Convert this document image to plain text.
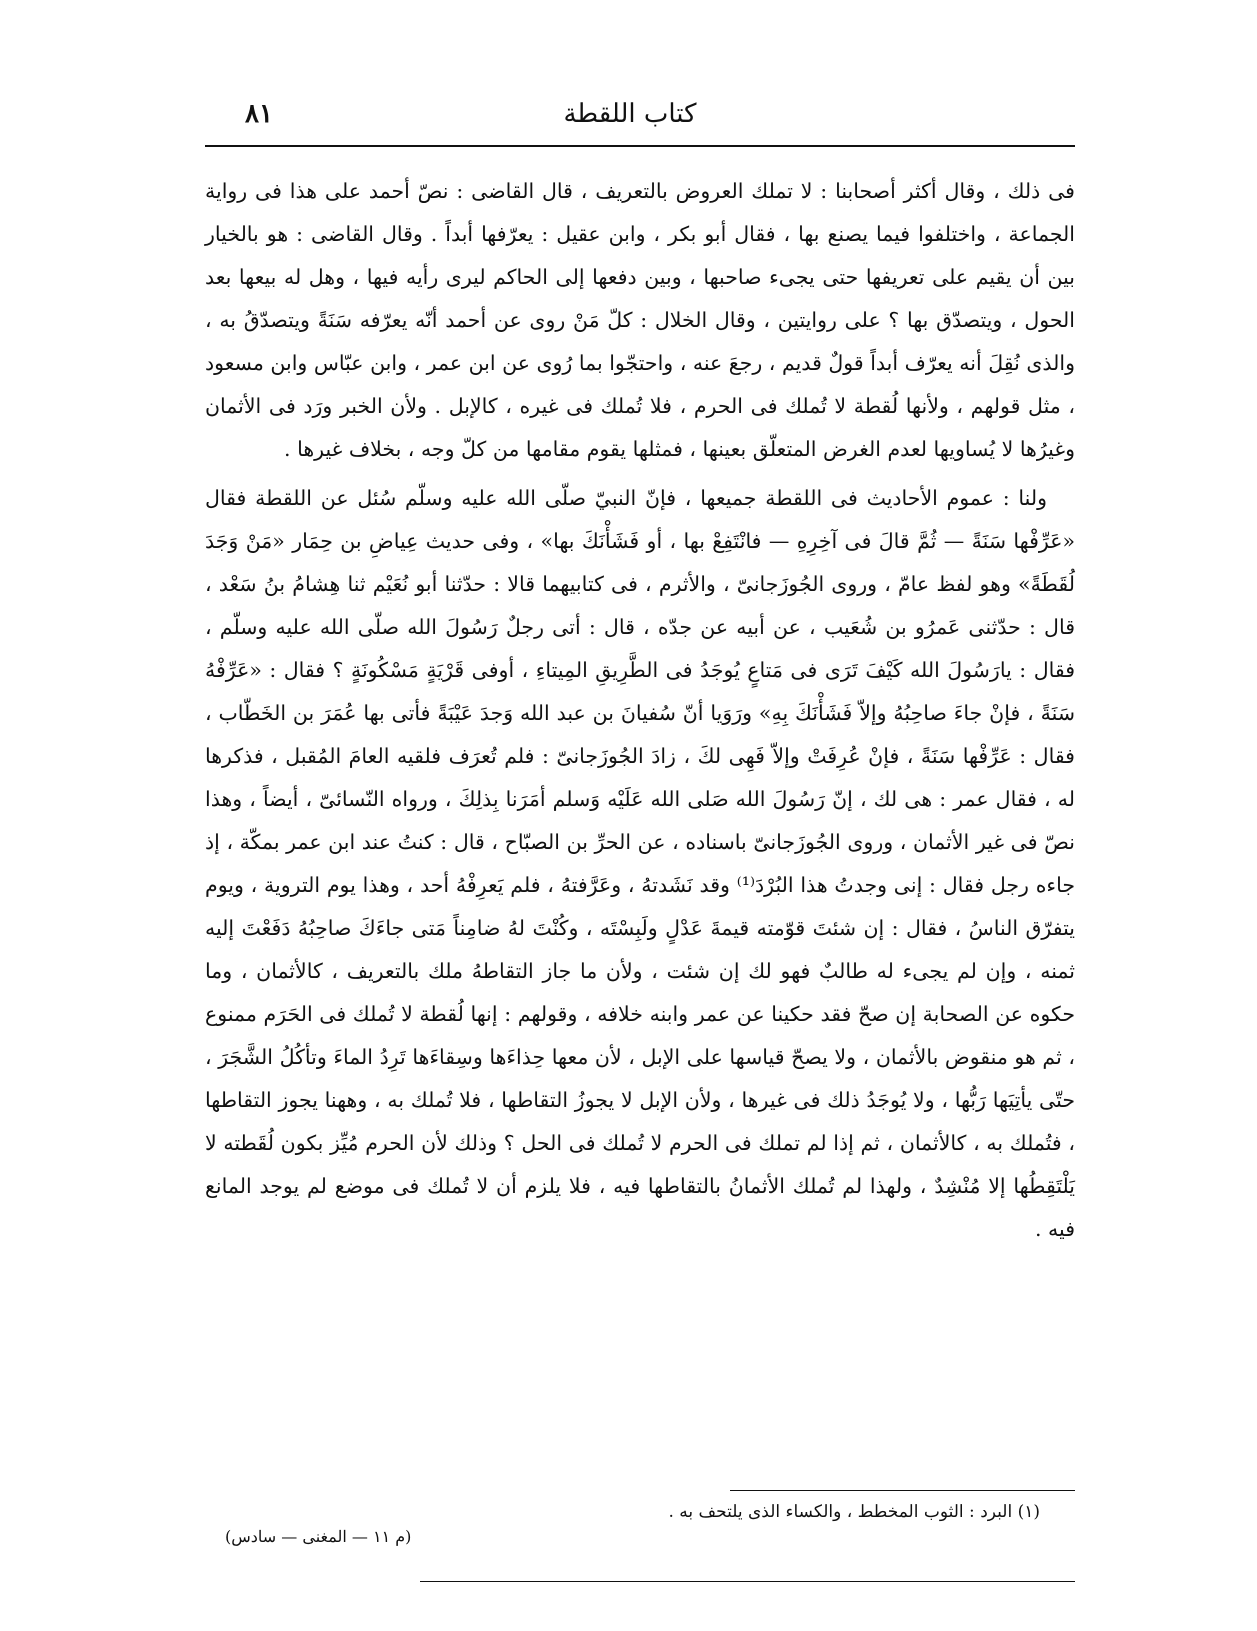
كتاب اللقطة
٨١

فى ذلك ، وقال أكثر أصحابنا : لا تملك العروض بالتعريف ، قال القاضى : نصّ أحمد على هذا فى رواية الجماعة ، واختلفوا فيما يصنع بها ، فقال أبو بكر ، وابن عقيل : يعرّفها أبداً . وقال القاضى : هو بالخيار بين أن يقيم على تعريفها حتى يجىء صاحبها ، وبين دفعها إلى الحاكم ليرى رأيه فيها ، وهل له بيعها بعد الحول ، ويتصدّق بها ؟ على روايتين ، وقال الخلال : كلّ مَنْ روى عن أحمد أنّه يعرّفه سَنَةً ويتصدّقُ به ، والذى نُقِلَ أنه يعرّف أبداً قولٌ قديم ، رجعَ عنه ، واحتجّوا بما رُوى عن ابن عمر ، وابن عبّاس وابن مسعود ، مثل قولهم ، ولأنها لُقطة لا تُملك فى الحرم ، فلا تُملك فى غيره ، كالإبل . ولأن الخبر ورَد فى الأثمان وغيرُها لا يُساويها لعدم الغرض المتعلّق بعينها ، فمثلها يقوم مقامها من كلّ وجه ، بخلاف غيرها .

ولنا : عموم الأحاديث فى اللقطة جميعها ، فإنّ النبيّ صلّى الله عليه وسلّم سُئل عن اللقطة فقال «عَرِّفْها سَنَةً — ثُمَّ قالَ فى آخِرِهِ — فانْتَفِعْ بها ، أو فَشَأْنَكَ بها» ، وفى حديث عِياضِ بن حِمَار «مَنْ وَجَدَ لُقَطَةً» وهو لفظ عامّ ، وروى الجُوزَجانىّ ، والأثرم ، فى كتابيهما قالا : حدّثنا أبو نُعَيْم ثنا هِشامُ بنُ سَعْد ، قال : حدّثنى عَمرُو بن شُعَيب ، عن أبيه عن جدّه ، قال : أتى رجلٌ رَسُولَ الله صلّى الله عليه وسلّم ، فقال : يارَسُولَ الله كَيْفَ تَرَى فى مَتاعٍ يُوجَدُ فى الطَّرِيقِ المِيتاءِ ، أوفى قَرْيَةٍ مَسْكُونَةٍ ؟ فقال : «عَرِّفْهُ سَنَةً ، فإنْ جاءَ صاحِبُهُ وإلاّ فَشَأْنَكَ بِهِ» ورَوَيا أنّ سُفيانَ بن عبد الله وَجدَ عَيْبَةً فأتى بها عُمَرَ بن الخَطّاب ، فقال : عَرِّفْها سَنَةً ، فإنْ عُرِفَتْ وإلاّ فَهِى لكَ ، زادَ الجُوزَجانىّ : فلم تُعرَف فلقيه العامَ المُقبل ، فذكرها له ، فقال عمر : هى لك ، إنّ رَسُولَ الله صَلى الله عَلَيْه وَسلم أمَرَنا بِذلِكَ ، ورواه النّسائىّ ، أيضاً ، وهذا نصّ فى غير الأثمان ، وروى الجُوزَجانىّ باسناده ، عن الحرِّ بن الصبّاح ، قال : كنتُ عند ابن عمر بمكّة ، إذ جاءه رجل فقال : إنى وجدتُ هذا البُرْدَ⁽¹⁾ وقد نَشَدتهُ ، وعَرَّفتهُ ، فلم يَعرِفْهُ أحد ، وهذا يوم التروية ، ويوم يتفرّق الناسُ ، فقال : إن شئتَ قوّمته قيمةَ عَدْلٍ ولَبِسْتَه ، وكُنْتَ لهُ ضامِناً مَتى جاءَكَ صاحِبُهُ دَفَعْتَ إليه ثمنه ، وإن لم يجىء له طالبٌ فهو لك إن شئت ، ولأن ما جاز التقاطهُ ملك بالتعريف ، كالأثمان ، وما حكوه عن الصحابة إن صحّ فقد حكينا عن عمر وابنه خلافه ، وقولهم : إنها لُقطة لا تُملك فى الحَرَم ممنوع ، ثم هو منقوض بالأثمان ، ولا يصحّ قياسها على الإبل ، لأن معها حِذاءَها وسِقاءَها تَرِدُ الماءَ وتأكُلُ الشَّجَرَ ، حتّى يأتِيَها رَبُّها ، ولا يُوجَدُ ذلك فى غيرها ، ولأن الإبل لا يجوزُ التقاطها ، فلا تُملك به ، وههنا يجوز التقاطها ، فتُملك به ، كالأثمان ، ثم إذا لم تملك فى الحرم لا تُملك فى الحل ؟ وذلك لأن الحرم مُيِّز بكون لُقَطته لا يَلْتَقِطُها إلا مُنْشِدٌ ، ولهذا لم تُملك الأثمانُ بالتقاطها فيه ، فلا يلزم أن لا تُملك فى موضع لم يوجد المانع فيه .

(١) البرد : الثوب المخطط ، والكساء الذى يلتحف به .
(م ١١ — المغنى — سادس)
